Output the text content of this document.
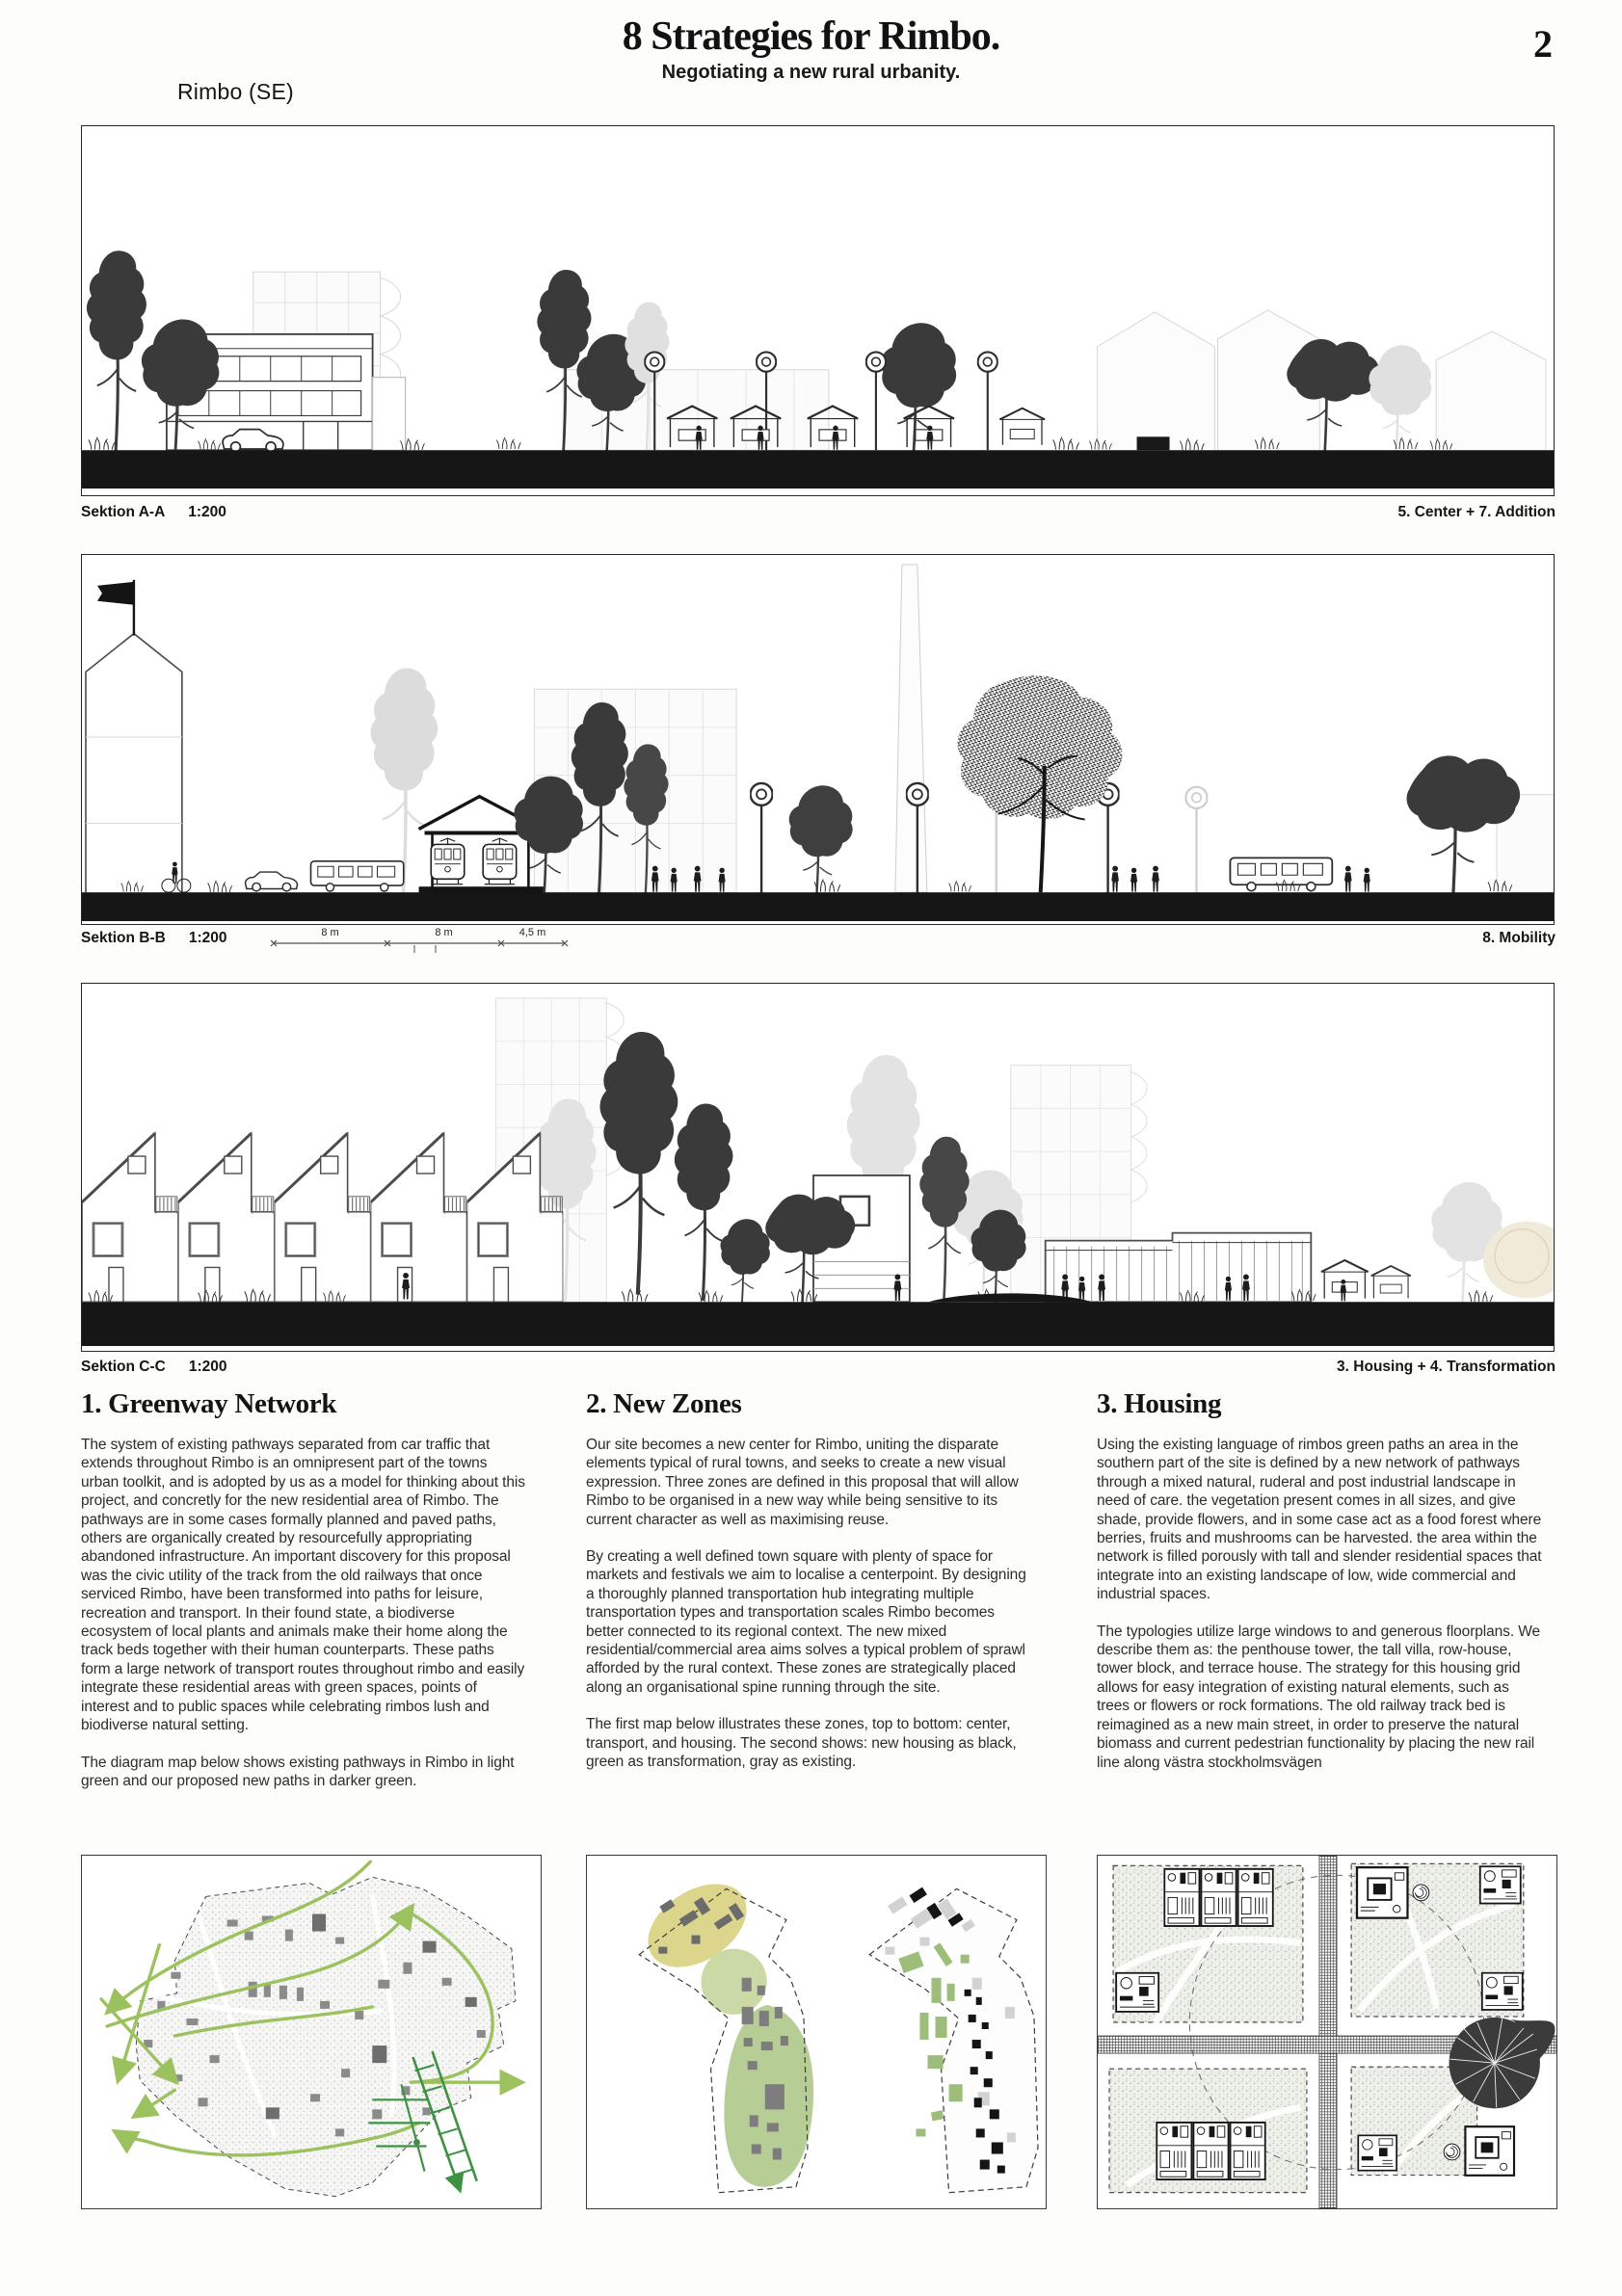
Rimbo (SE)
8 Strategies for Rimbo.
Negotiating a new rural urbanity.
2
Sektion A-A 1:200	5. Center + 7. Addition
Sektion B-B 1:200	8 m	8 m	4,5 m	8. Mobility
Sektion C-C 1:200	3. Housing + 4. Transformation
1. Greenway Network

The system of existing pathways separated from car traffic that extends throughout Rimbo is an omnipresent part of the towns urban toolkit, and is adopted by us as a model for thinking about this project, and concretly for the new residential area of Rimbo. The pathways are in some cases formally planned and paved paths, others are organically created by resourcefully appropriating abandoned infrastructure. An important discovery for this proposal was the civic utility of the track from the old railways that once serviced Rimbo, have been transformed into paths for leisure, recreation and transport. In their found state, a biodiverse ecosystem of local plants and animals make their home along the track beds together with their human counterparts. These paths form a large network of transport routes throughout rimbo and easily integrate these residential areas with green spaces, points of interest and to public spaces while celebrating rimbos lush and biodiverse natural setting.

The diagram map below shows existing pathways in Rimbo in light green and our proposed new paths in darker green.

2. New Zones

Our site becomes a new center for Rimbo, uniting the disparate elements typical of rural towns, and seeks to create a new visual expression. Three zones are defined in this proposal that will allow Rimbo to be organised in a new way while being sensitive to its current character as well as maximising reuse.

By creating a well defined town square with plenty of space for markets and festivals we aim to localise a centerpoint. By designing a thoroughly planned transportation hub integrating multiple transportation types and transportation scales Rimbo becomes better connected to its regional context. The new mixed residential/commercial area aims solves a typical problem of sprawl afforded by the rural context. These zones are strategically placed along an organisational spine running through the site.

The first map below illustrates these zones, top to bottom: center, transport, and housing. The second shows: new housing as black, green as transformation, gray as existing.

3. Housing

Using the existing language of rimbos green paths an area in the southern part of the site is defined by a new network of pathways through a mixed natural, ruderal and post industrial landscape in need of care. the vegetation present comes in all sizes, and give shade, provide flowers, and in some case act as a food forest where berries, fruits and mushrooms can be harvested. the area within the network is filled porously with tall and slender residential spaces that integrate into an existing landscape of low, wide commercial and industrial spaces.

The typologies utilize large windows to and generous floorplans. We describe them as: the penthouse tower, the tall villa, row-house, tower block, and terrace house. The strategy for this housing grid allows for easy integration of existing natural elements, such as trees or flowers or rock formations. The old railway track bed is reimagined as a new main street, in order to preserve the natural biomass and current pedestrian functionality by placing the new rail line along västra stockholmsvägen
